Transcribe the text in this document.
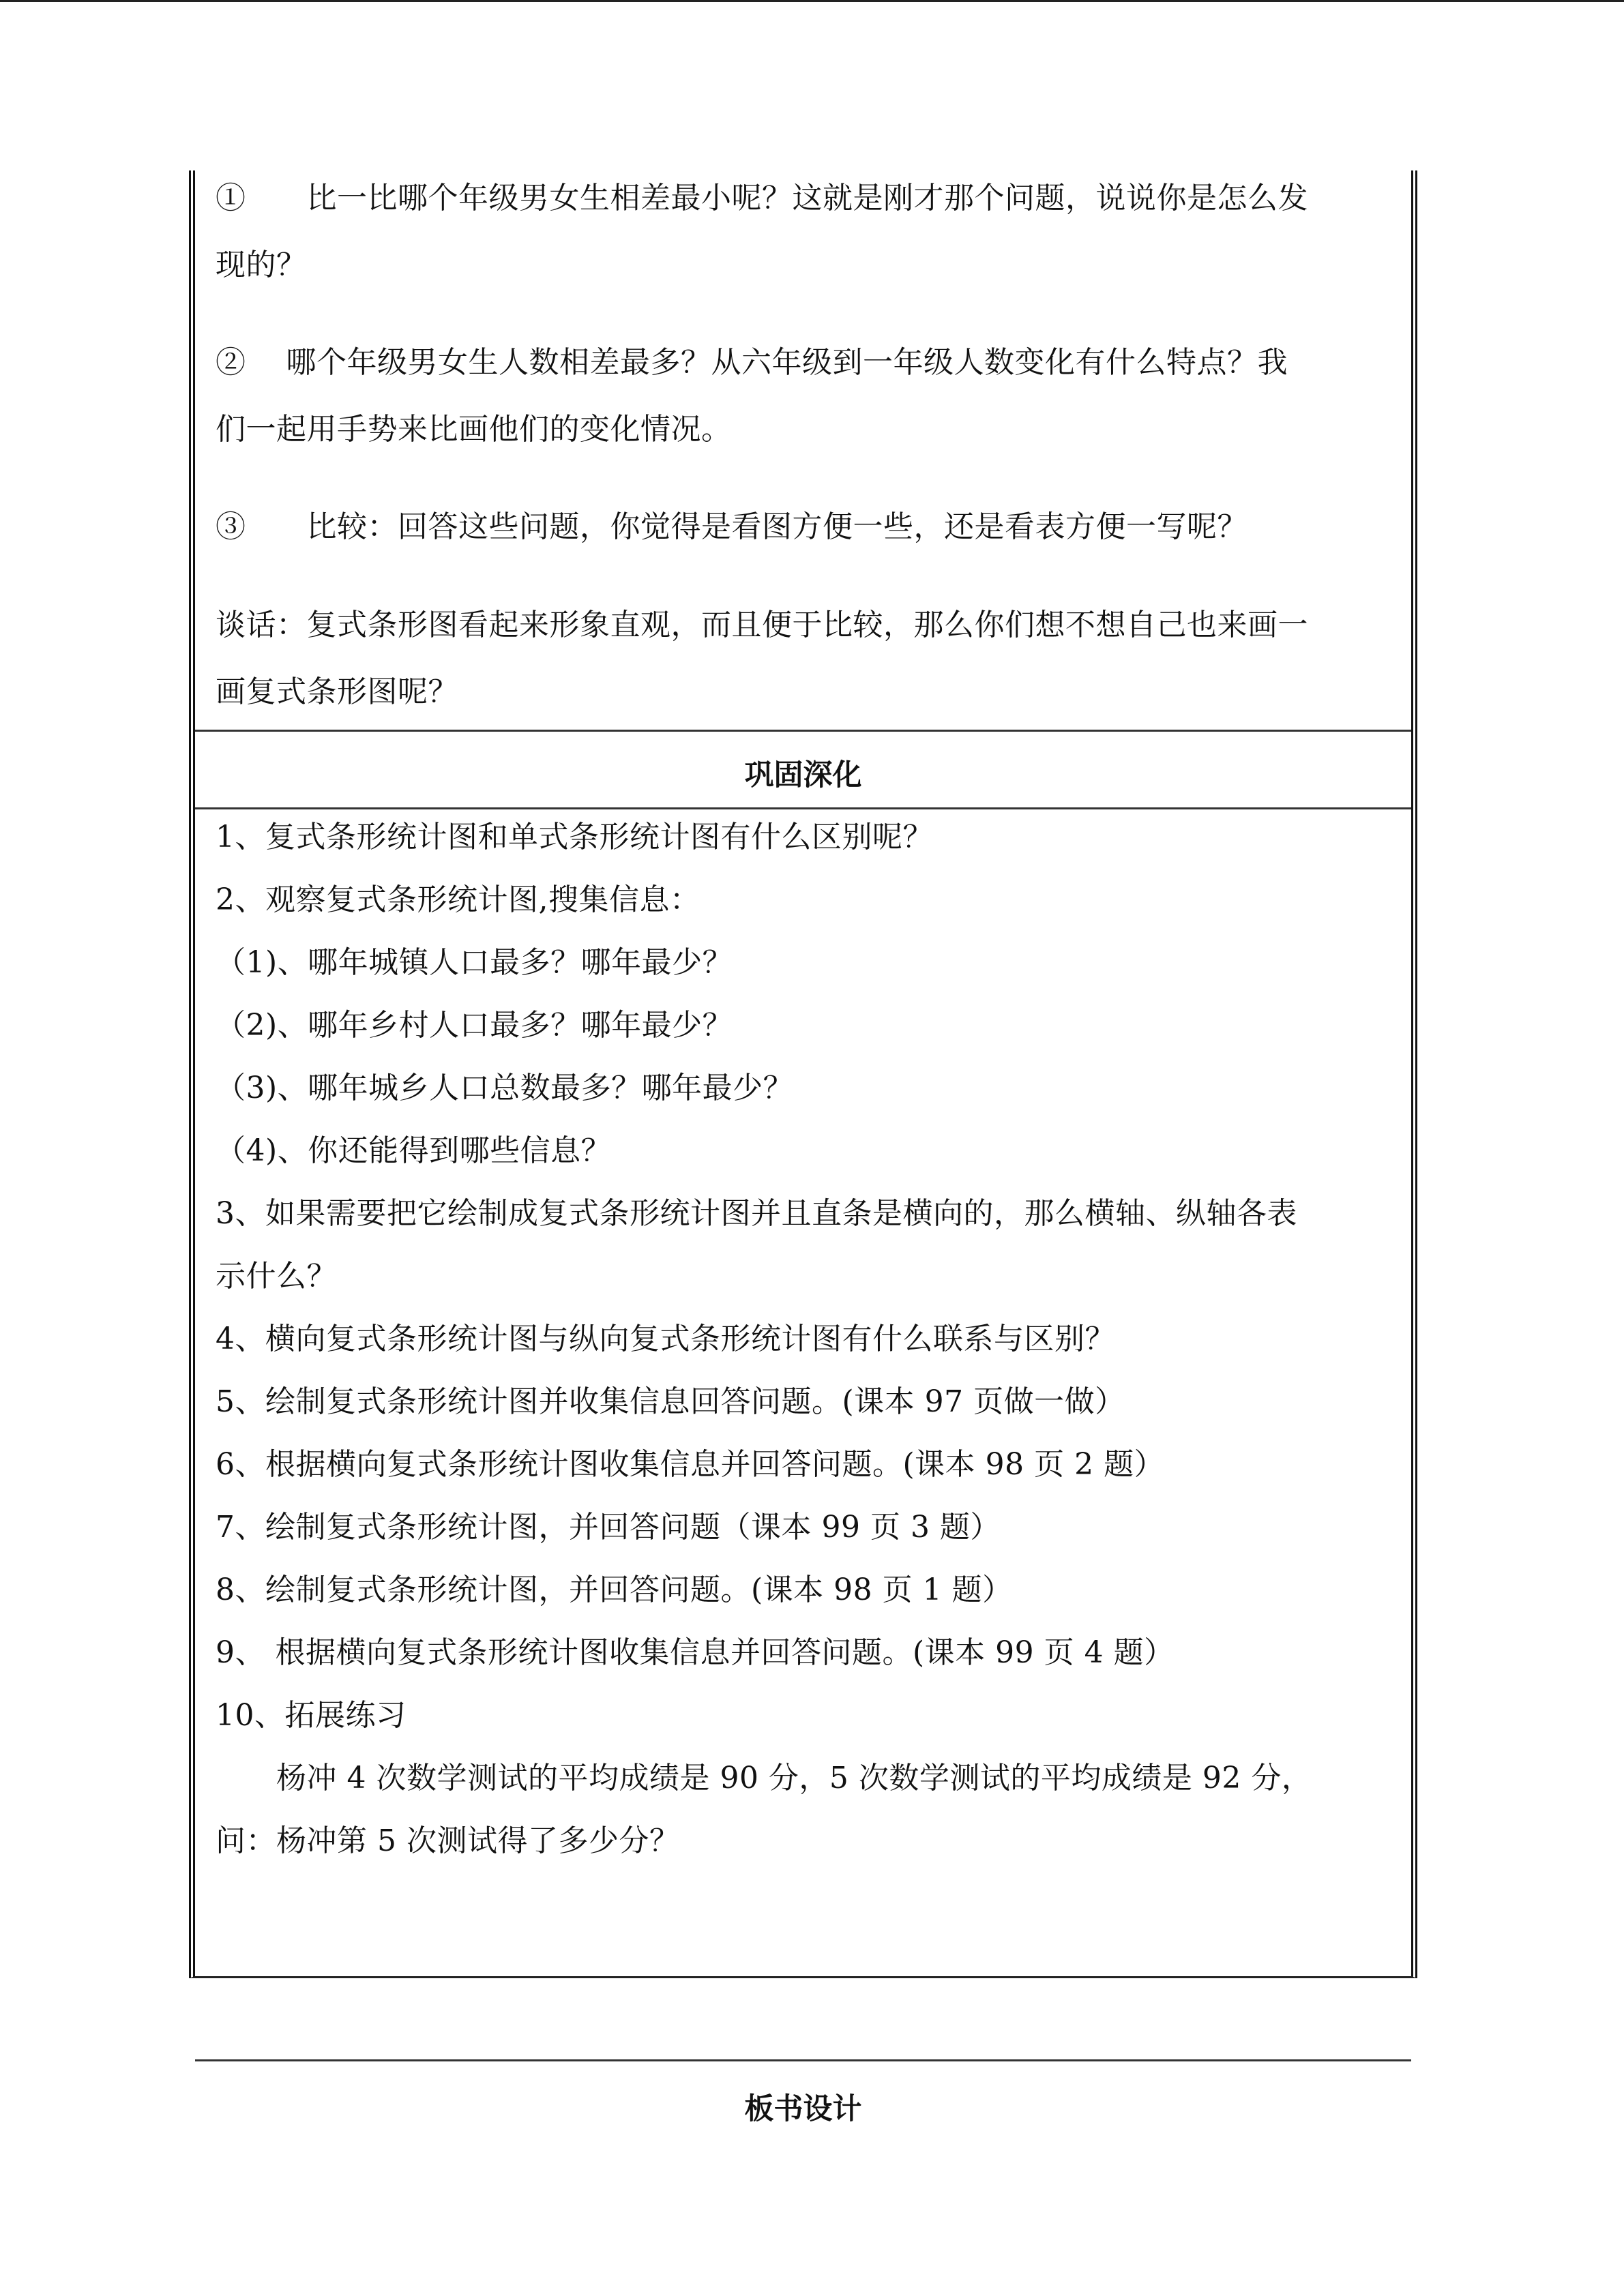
①　　比一比哪个年级男女生相差最小呢？这就是刚才那个问题，说说你是怎么发
现的？
②　 哪个年级男女生人数相差最多？从六年级到一年级人数变化有什么特点？我
们一起用手势来比画他们的变化情况。
③　　比较：回答这些问题，你觉得是看图方便一些，还是看表方便一写呢？
谈话：复式条形图看起来形象直观，而且便于比较，那么你们想不想自己也来画一
画复式条形图呢？
巩固深化
1、复式条形统计图和单式条形统计图有什么区别呢？
2、观察复式条形统计图,搜集信息：
（1)、哪年城镇人口最多？哪年最少？
（2)、哪年乡村人口最多？哪年最少？
（3)、哪年城乡人口总数最多？哪年最少？
（4)、你还能得到哪些信息？
3、如果需要把它绘制成复式条形统计图并且直条是横向的，那么横轴、纵轴各表
示什么？
4、横向复式条形统计图与纵向复式条形统计图有什么联系与区别？
5、绘制复式条形统计图并收集信息回答问题。(课本 97 页做一做）
6、根据横向复式条形统计图收集信息并回答问题。(课本 98 页 2 题）
7、绘制复式条形统计图，并回答问题（课本 99 页 3 题）
8、绘制复式条形统计图，并回答问题。(课本 98 页 1 题）
9、 根据横向复式条形统计图收集信息并回答问题。(课本 99 页 4 题）
10、拓展练习
　　杨冲 4 次数学测试的平均成绩是 90 分，5 次数学测试的平均成绩是 92 分，
问：杨冲第 5 次测试得了多少分？
板书设计
